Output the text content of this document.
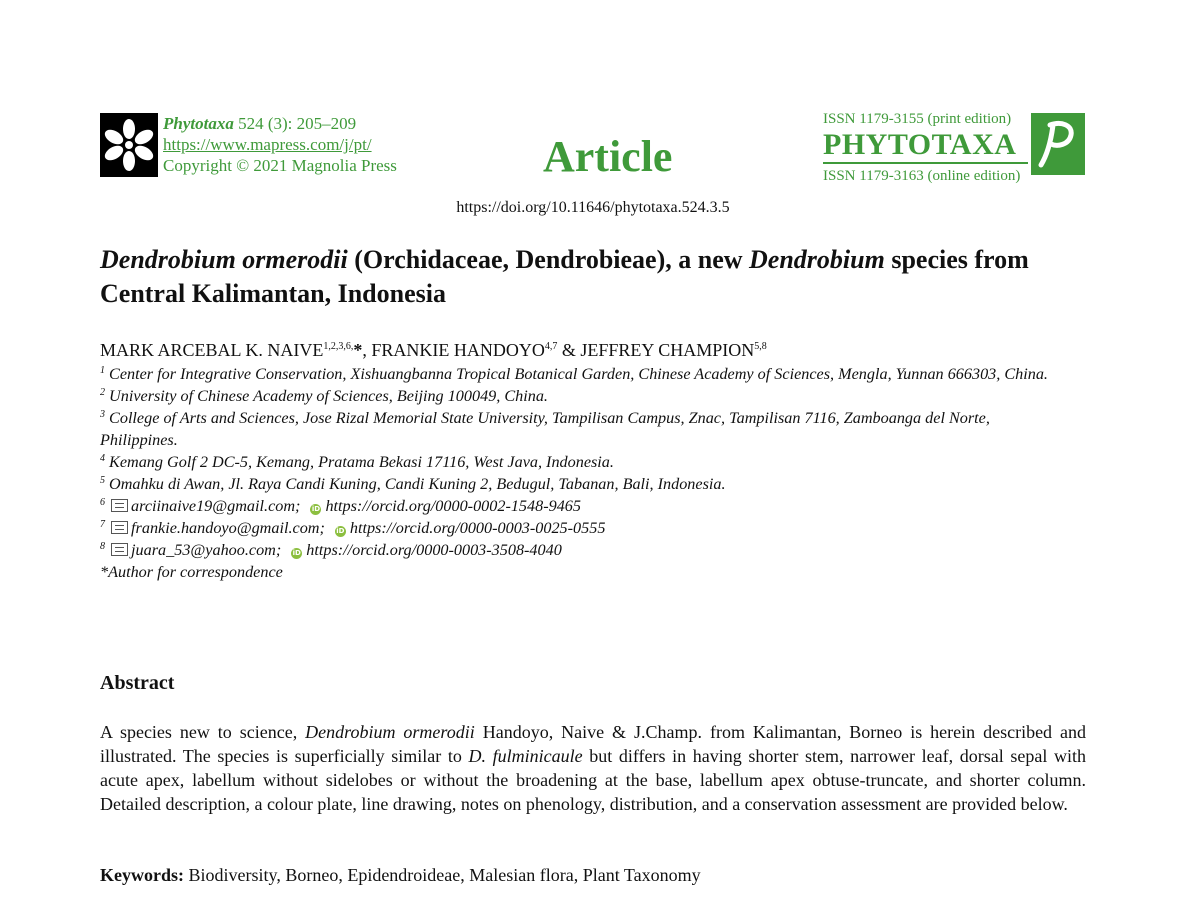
Phytotaxa 524 (3): 205–209
https://www.mapress.com/j/pt/
Copyright © 2021 Magnolia Press	Article
ISSN 1179-3155 (print edition)
PHYTOTAXA
ISSN 1179-3163 (online edition)
https://doi.org/10.11646/phytotaxa.524.3.5
Dendrobium ormerodii (Orchidaceae, Dendrobieae), a new Dendrobium species from Central Kalimantan, Indonesia
MARK ARCEBAL K. $NAIVE^{1,2,3,6,}*$, FRANKIE HANDOYO$^{4,7}$ & JEFFREY CHAMPION$^{5,8}$
$^1$ Center for Integrative Conservation, Xishuangbanna Tropical Botanical Garden, Chinese Academy of Sciences, Mengla, Yunnan 666303, China.
$^2$ University of Chinese Academy of Sciences, Beijing 100049, China.
$^3$ College of Arts and Sciences, Jose Rizal Memorial State University, Tampilisan Campus, Znac, Tampilisan 7116, Zamboanga del Norte, Philippines.
$^4$ Kemang Golf 2 DC-5, Kemang, Pratama Bekasi 17116, West Java, Indonesia.
$^5$ Omahku di Awan, Jl. Raya Candi Kuning, Candi Kuning 2, Bedugul, Tabanan, Bali, Indonesia.
$^6$ arciinaive19@gmail.com; iD https://orcid.org/0000-0002-1548-9465
$^7$ frankie.handoyo@gmail.com; iD https://orcid.org/0000-0003-0025-0555
$^8$ juara_53@yahoo.com; iD https://orcid.org/0000-0003-3508-4040
*Author for correspondence
Abstract

A species new to science, Dendrobium ormerodii Handoyo, Naive & J.Champ. from Kalimantan, Borneo is herein described and illustrated. The species is superficially similar to D. fulminicaule but differs in having shorter stem, narrower leaf, dorsal sepal with acute apex, labellum without sidelobes or without the broadening at the base, labellum apex obtuse-truncate, and shorter column. Detailed description, a colour plate, line drawing, notes on phenology, distribution, and a conservation assessment are provided below.

Keywords: Biodiversity, Borneo, Epidendroideae, Malesian flora, Plant Taxonomy
